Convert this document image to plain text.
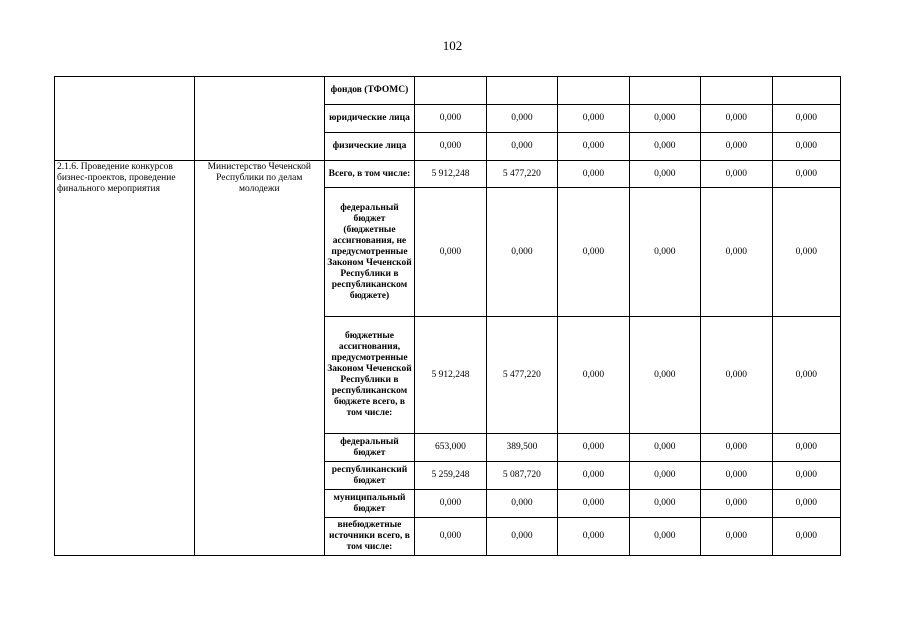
102
		фондов (ТФОМС)						
		юридические лица	0,000	0,000	0,000	0,000	0,000	0,000
		физические лица	0,000	0,000	0,000	0,000	0,000	0,000
2.1.6. Проведение конкурсов бизнес-проектов, проведение финального мероприятия	Министерство Чеченской Республики по делам молодежи	Всего, в том числе:	5 912,248	5 477,220	0,000	0,000	0,000	0,000
		федеральный бюджет (бюджетные ассигнования, не предусмотренные Законом Чеченской Республики в республиканском бюджете)	0,000	0,000	0,000	0,000	0,000	0,000
		бюджетные ассигнования, предусмотренные Законом Чеченской Республики в республиканском бюджете всего, в том числе:	5 912,248	5 477,220	0,000	0,000	0,000	0,000
		федеральный бюджет	653,000	389,500	0,000	0,000	0,000	0,000
		республиканский бюджет	5 259,248	5 087,720	0,000	0,000	0,000	0,000
		муниципальный бюджет	0,000	0,000	0,000	0,000	0,000	0,000
		внебюджетные источники всего, в том числе:	0,000	0,000	0,000	0,000	0,000	0,000
